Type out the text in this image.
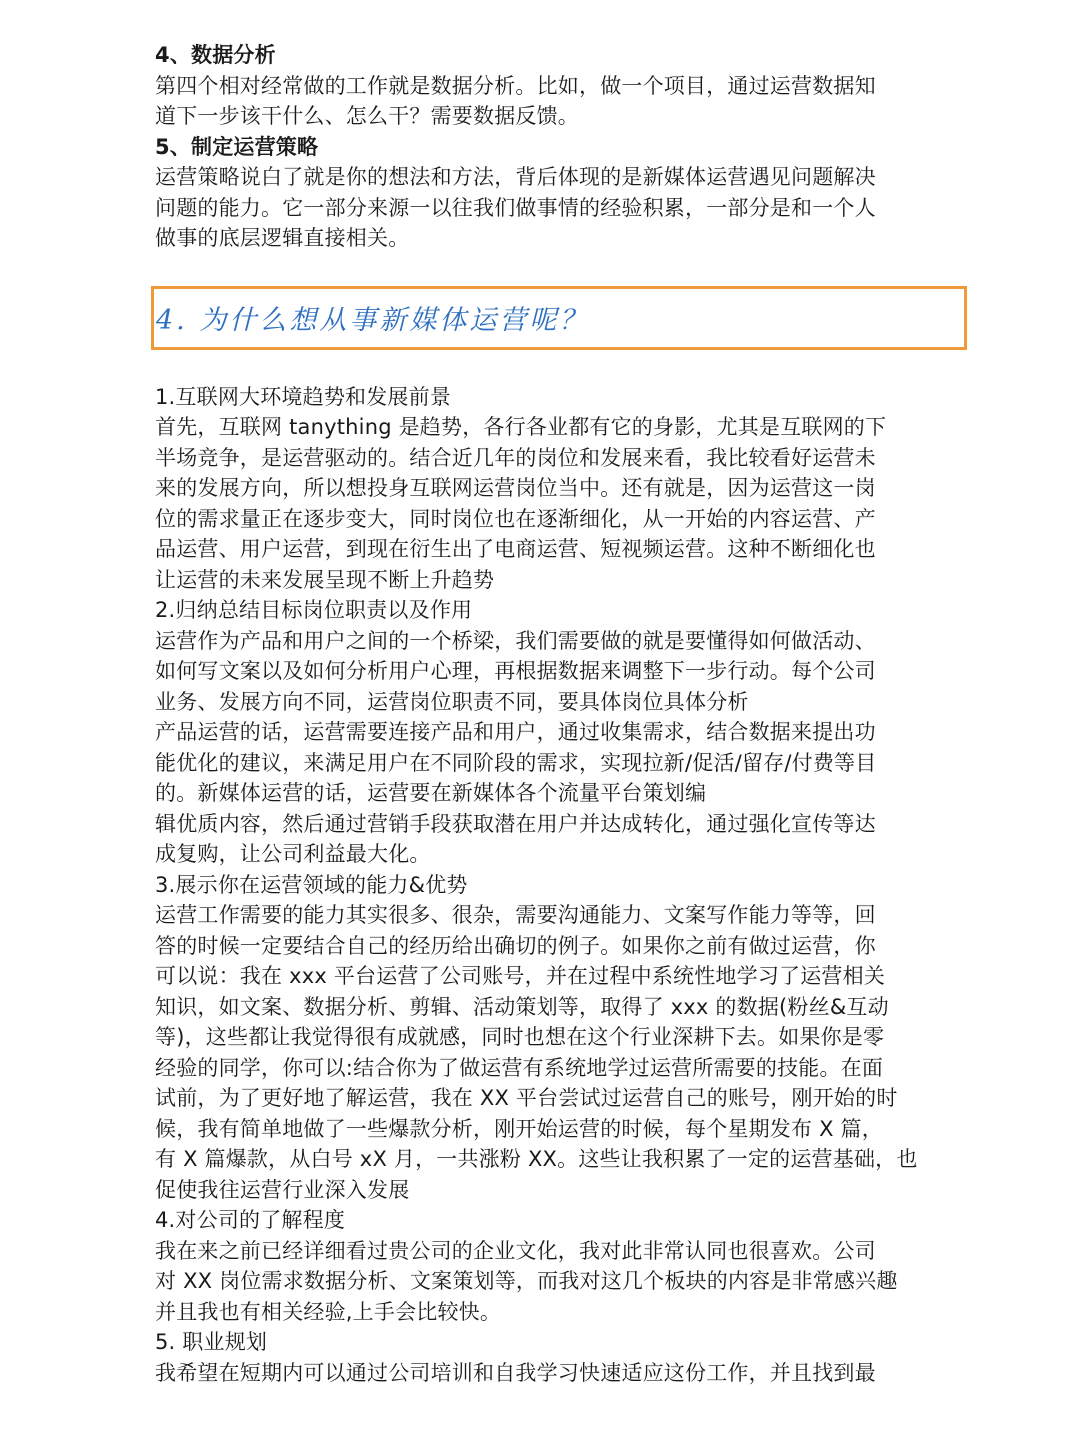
4、数据分析
第四个相对经常做的工作就是数据分析。比如，做一个项目，通过运营数据知
道下一步该干什么、怎么干？需要数据反馈。
5、制定运营策略
运营策略说白了就是你的想法和方法，背后体现的是新媒体运营遇见问题解决
问题的能力。它一部分来源一以往我们做事情的经验积累，一部分是和一个人
做事的底层逻辑直接相关。
4. 为什么想从事新媒体运营呢？
1.互联网大环境趋势和发展前景
首先，互联网 tanything 是趋势，各行各业都有它的身影，尤其是互联网的下
半场竞争，是运营驱动的。结合近几年的岗位和发展来看，我比较看好运营未
来的发展方向，所以想投身互联网运营岗位当中。还有就是，因为运营这一岗
位的需求量正在逐步变大，同时岗位也在逐渐细化，从一开始的内容运营、产
品运营、用户运营，到现在衍生出了电商运营、短视频运营。这种不断细化也
让运营的未来发展呈现不断上升趋势
2.归纳总结目标岗位职责以及作用
运营作为产品和用户之间的一个桥梁，我们需要做的就是要懂得如何做活动、
如何写文案以及如何分析用户心理，再根据数据来调整下一步行动。每个公司
业务、发展方向不同，运营岗位职责不同，要具体岗位具体分析
产品运营的话，运营需要连接产品和用户，通过收集需求，结合数据来提出功
能优化的建议，来满足用户在不同阶段的需求，实现拉新/促活/留存/付费等目
的。新媒体运营的话，运营要在新媒体各个流量平台策划编
辑优质内容，然后通过营销手段获取潜在用户并达成转化，通过强化宣传等达
成复购，让公司利益最大化。
3.展示你在运营领域的能力&优势
运营工作需要的能力其实很多、很杂，需要沟通能力、文案写作能力等等，回
答的时候一定要结合自己的经历给出确切的例子。如果你之前有做过运营，你
可以说：我在 xxx 平台运营了公司账号，并在过程中系统性地学习了运营相关
知识，如文案、数据分析、剪辑、活动策划等，取得了 xxx 的数据(粉丝&互动
等)，这些都让我觉得很有成就感，同时也想在这个行业深耕下去。如果你是零
经验的同学，你可以:结合你为了做运营有系统地学过运营所需要的技能。在面
试前，为了更好地了解运营，我在 XX 平台尝试过运营自己的账号，刚开始的时
候，我有简单地做了一些爆款分析，刚开始运营的时候，每个星期发布 X 篇，
有 X 篇爆款，从白号 xX 月，一共涨粉 XX。这些让我积累了一定的运营基础，也
促使我往运营行业深入发展
4.对公司的了解程度
我在来之前已经详细看过贵公司的企业文化，我对此非常认同也很喜欢。公司
对 XX 岗位需求数据分析、文案策划等，而我对这几个板块的内容是非常感兴趣
并且我也有相关经验,上手会比较快。
5. 职业规划
我希望在短期内可以通过公司培训和自我学习快速适应这份工作，并且找到最
